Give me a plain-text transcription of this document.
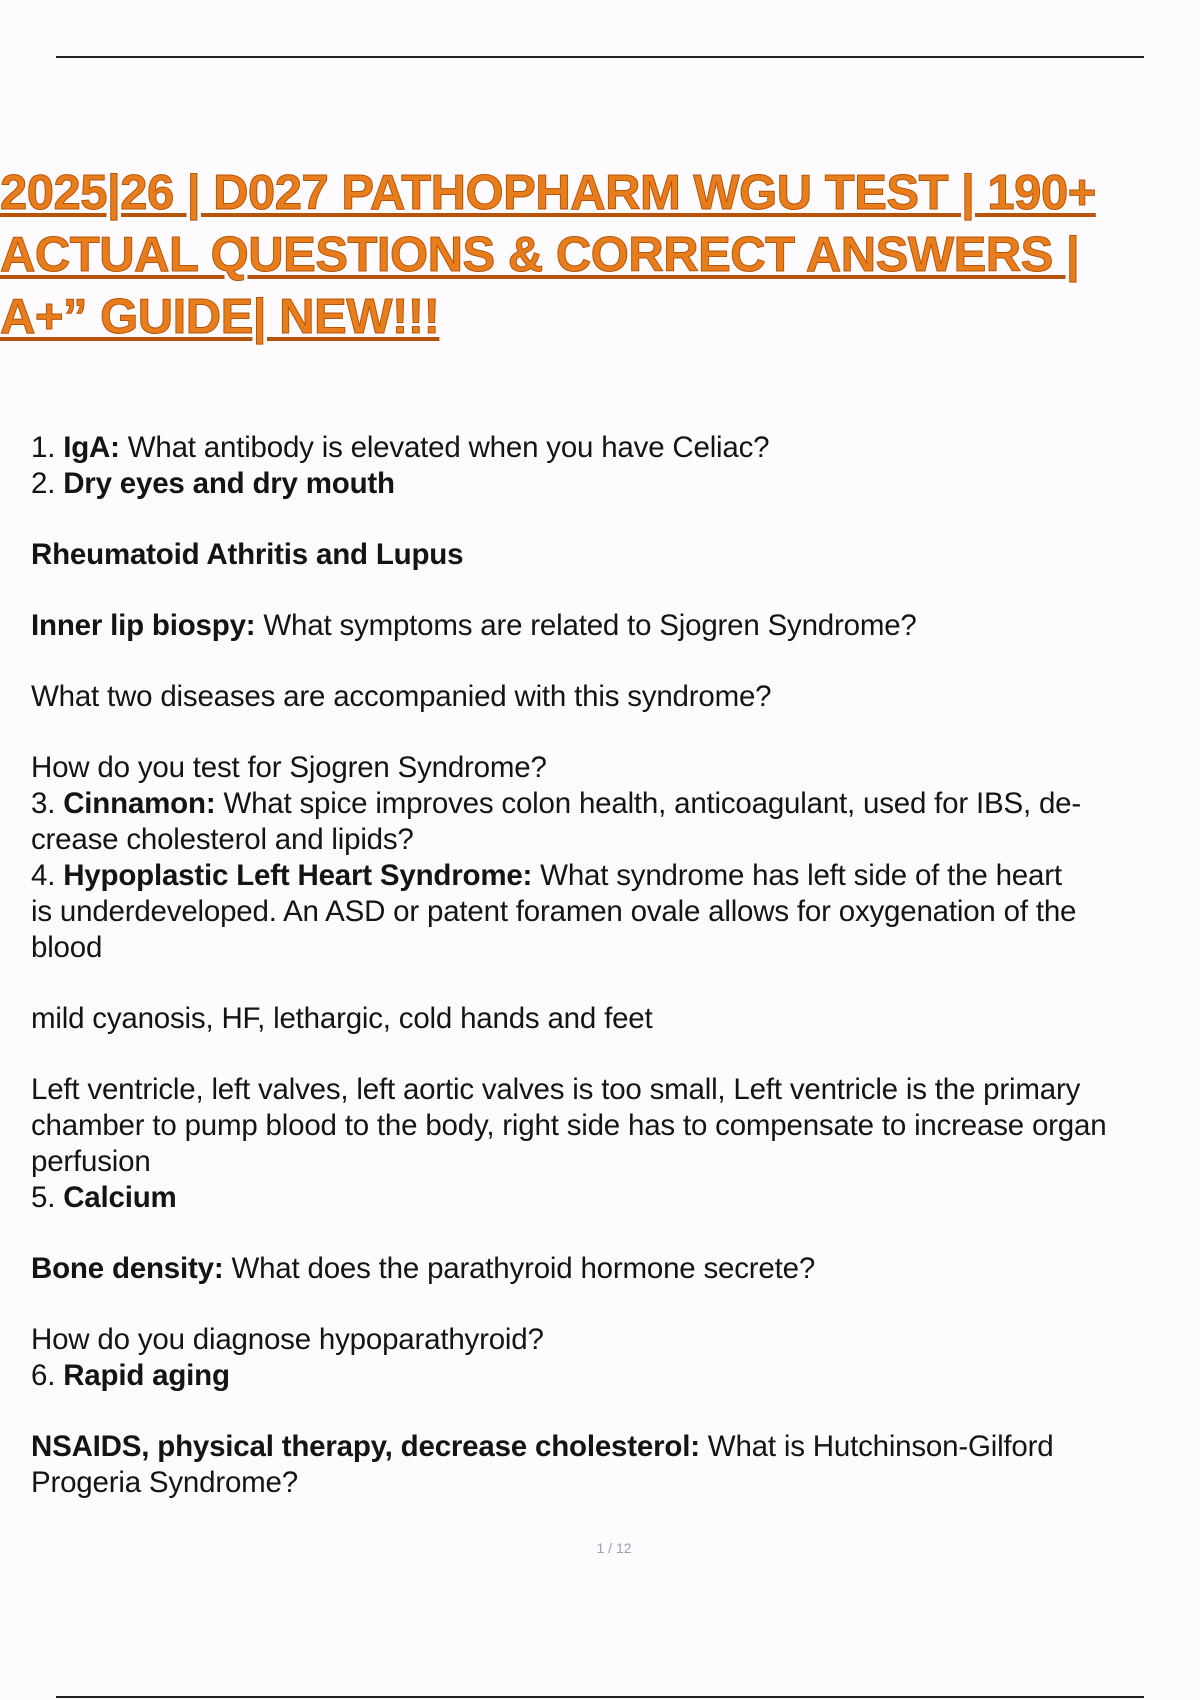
2025|26 | D027 PATHOPHARM WGU TEST | 190+
ACTUAL QUESTIONS & CORRECT ANSWERS |
A+” GUIDE| NEW!!!

1. IgA: What antibody is elevated when you have Celiac?

2. Dry eyes and dry mouth

Rheumatoid Athritis and Lupus

Inner lip biospy: What symptoms are related to Sjogren Syndrome?

What two diseases are accompanied with this syndrome?

How do you test for Sjogren Syndrome?

3. Cinnamon: What spice improves colon health, anticoagulant, used for IBS, de-

crease cholesterol and lipids?

4. Hypoplastic Left Heart Syndrome: What syndrome has left side of the heart

is underdeveloped. An ASD or patent foramen ovale allows for oxygenation of the

blood

mild cyanosis, HF, lethargic, cold hands and feet

Left ventricle, left valves, left aortic valves is too small, Left ventricle is the primary

chamber to pump blood to the body, right side has to compensate to increase organ

perfusion

5. Calcium

Bone density: What does the parathyroid hormone secrete?

How do you diagnose hypoparathyroid?

6. Rapid aging

NSAIDS, physical therapy, decrease cholesterol: What is Hutchinson-Gilford

Progeria Syndrome?

1 / 12
